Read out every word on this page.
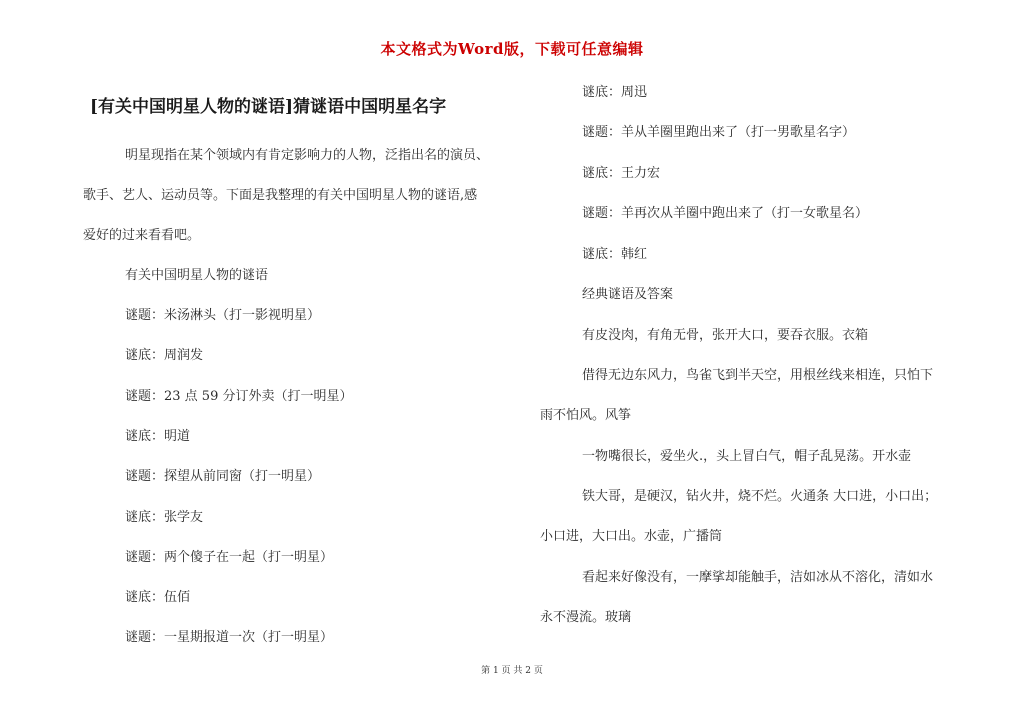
本文格式为Word版，下载可任意编辑
[有关中国明星人物的谜语]猜谜语中国明星名字
明星现指在某个领域内有肯定影响力的人物，泛指出名的演员、
歌手、艺人、运动员等。下面是我整理的有关中国明星人物的谜语,感
爱好的过来看看吧。
有关中国明星人物的谜语
谜题：米汤淋头（打一影视明星）
谜底：周润发
谜题：23 点 59 分订外卖（打一明星）
谜底：明道
谜题：探望从前同窗（打一明星）
谜底：张学友
谜题：两个傻子在一起（打一明星）
谜底：伍佰
谜题：一星期报道一次（打一明星）
谜底：周迅
谜题：羊从羊圈里跑出来了（打一男歌星名字）
谜底：王力宏
谜题：羊再次从羊圈中跑出来了（打一女歌星名）
谜底：韩红
经典谜语及答案
有皮没肉，有角无骨，张开大口，要吞衣服。衣箱
借得无边东风力，鸟雀飞到半天空，用根丝线来相连，只怕下
雨不怕风。风筝
一物嘴很长，爱坐火.，头上冒白气，帽子乱晃荡。开水壶
铁大哥，是硬汉，钻火井，烧不烂。火通条 大口进，小口出；
小口进，大口出。水壶，广播筒
看起来好像没有，一摩挲却能触手，洁如冰从不溶化，清如水
永不漫流。玻璃
第 1 页 共 2 页
